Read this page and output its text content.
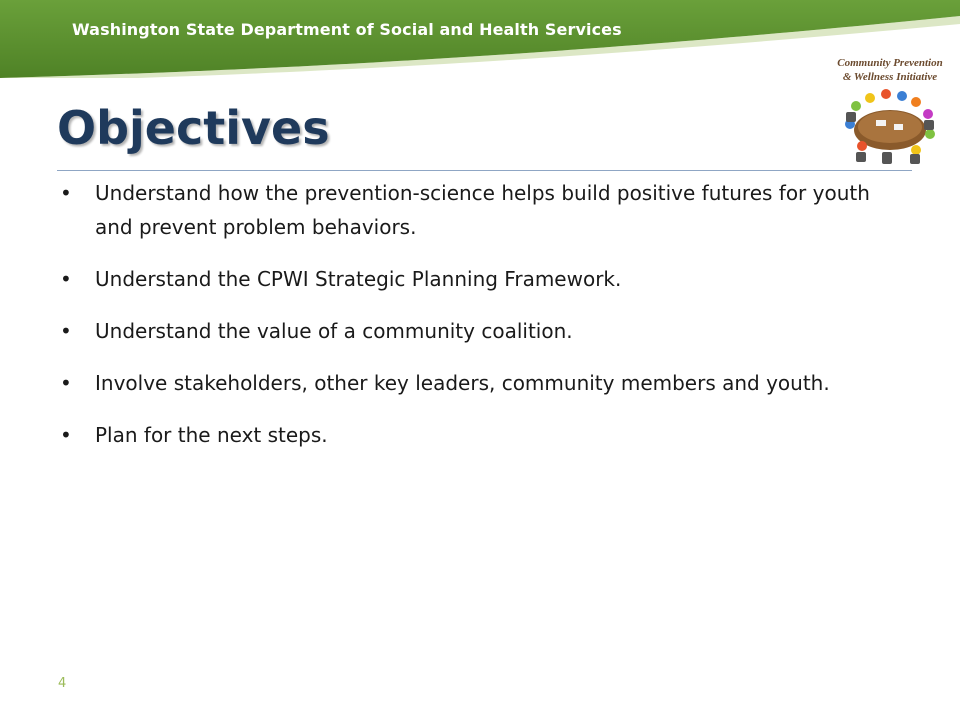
Washington State Department of Social and Health Services
Community Prevention
& Wellness Initiative
Objectives
• Understand how the prevention-science helps build positive futures for youth and prevent problem behaviors.
• Understand the CPWI Strategic Planning Framework.
• Understand the value of a community coalition.
• Involve stakeholders, other key leaders, community members and youth.
• Plan for the next steps.
4
